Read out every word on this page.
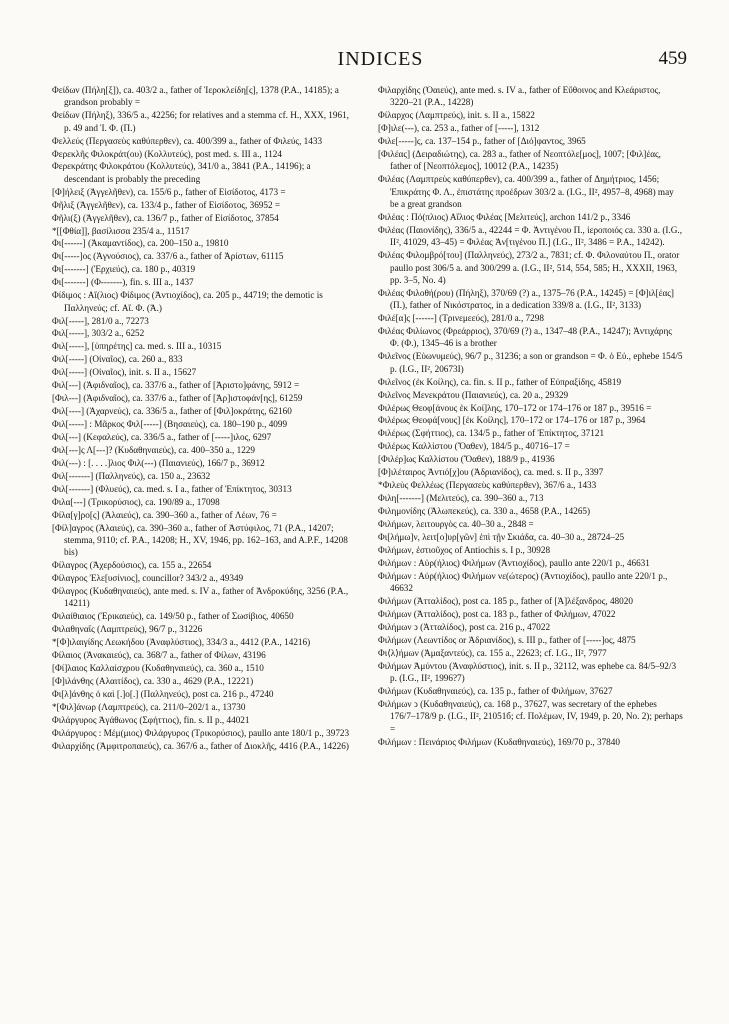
INDICES	459

Φείδων (Πήλη[ξ]), ca. 403/2 a., father of Ἱεροκλείδη[ς], 1378 (P.A., 14185); a grandson probably =

Φείδων (Πήληξ), 336/5 a., 42256; for relatives and a stemma cf. H., XXX, 1961, p. 49 and Ἱ. Φ. (Π.)

Φελλεύς (Περγασεὺς καθύπερθεν), ca. 400/399 a., father of Φιλεύς, 1433

Φερεκλῆς Φιλοκράτ(ου) (Κολλυτεύς), post med. s. III a., 1124

Φερεκράτης Φιλοκράτου (Κολλυτεύς), 341/0 a., 3841 (P.A., 14196); a descendant is probably the preceding

[Φ]ήλειξ (Ἀγγελῆθεν), ca. 155/6 p., father of Εἰσίδοτος, 4173 =

Φῆλιξ (Ἀγγελῆθεν), ca. 133/4 p., father of Εἰσίδοτος, 36952 =

Φῆλι(ξ) (Ἀγγελῆθεν), ca. 136/7 p., father of Εἰσίδοτος, 37854

*[[Φθία]], βασίλισσα 235/4 a., 11517

Φι[------] (Ἀκαμαντίδος), ca. 200–150 a., 19810

Φι[-----]ος (Ἀγνούσιος), ca. 337/6 a., father of Ἀρίστων, 61115

Φι[-------] (Ἐρχιεύς), ca. 180 p., 40319

Φι[-------] (Φ-------), fin. s. III a., 1437

Φίδιμος : Αἴ(λιος) Φίδιμος (Ἀντιοχίδος), ca. 205 p., 44719; the demotic is Παλληνεύς; cf. Αἴ. Φ. (Ἀ.)

Φιλ[-----], 281/0 a., 72273

Φιλ[-----], 303/2 a., 6252

Φιλ[-----], [ὑπηρέτης] ca. med. s. III a., 10315

Φιλ[-----] (Οἰναῖος), ca. 260 a., 833

Φιλ[-----] (Οἰναῖος), init. s. II a., 15627

Φιλ[---] (Ἀφιδναῖος), ca. 337/6 a., father of [Ἀριστο]φάνης, 5912 =

[Φιλ---] (Ἀφιδναῖος), ca. 337/6 a., father of [Ἀρ]ιστοφάν[ης], 61259

Φιλ[----] (Ἀχαρνεύς), ca. 336/5 a., father of [Φιλ]οκράτης, 62160

Φιλ[-----] : Μᾶρκος Φιλ[-----] (Βησαιεύς), ca. 180–190 p., 4099

Φιλ[---] (Κεφαλεύς), ca. 336/5 a., father of [-----]ιλος, 6297

Φιλ[---]ς Λ[---]? (Κυδαθηναιεύς), ca. 400–350 a., 1229

Φιλ(---) : [. . . .]λιος Φιλ(---) (Παιανιεύς), 166/7 p., 36912

Φιλ[-------] (Παλληνεύς), ca. 150 a., 23632

Φιλ[-------] (Φλυεύς), ca. med. s. I a., father of Ἐπίκτητος, 30313

Φιλα[---] (Τρικορύσιος), ca. 190/89 a., 17098

Φίλα[γ]ρο[ς] (Ἁλαιεύς), ca. 390–360 a., father of Λέων, 76 =

[Φίλ]αγρος (Ἁλαιεύς), ca. 390–360 a., father of Ἀστύφιλος, 71 (P.A., 14207; stemma, 9110; cf. P.A., 14208; H., XV, 1946, pp. 162–163, and A.P.F., 14208 bis)

Φίλαγρος (Ἀχερδούσιος), ca. 155 a., 22654

Φίλαγρος Ἐλε[υσίνιος], councillor? 343/2 a., 49349

Φίλαγρος (Κυδαθηναιεύς), ante med. s. IV a., father of Ἀνδροκύδης, 3256 (P.A., 14211)

Φιλαίθιαιος (Ἐρικαιεύς), ca. 149/50 p., father of Σωσίβιος, 40650

Φιλαθηναΐς (Λαμπτρεύς), 96/7 p., 31226

*[Φ]ιλαιγίδης Λεωκήδου (Ἀναφλύστιος), 334/3 a., 4412 (P.A., 14216)

Φίλαιος (Ἀνακαιεύς), ca. 368/7 a., father of Φίλων, 43196

[Φί]λαιος Καλλαίσχρου (Κυδαθηναιεύς), ca. 360 a., 1510

[Φ]ιλάνθης (Αλαιτίδος), ca. 330 a., 4629 (P.A., 12221)

Φι[λ]άνθης ὁ καὶ [.]ο[.] (Παλληνεύς), post ca. 216 p., 47240

*[Φιλ]άνωρ (Λαμπτρεύς), ca. 211/0–202/1 a., 13730

Φιλάργυρος Ἀγάθωνος (Σφήττιος), fin. s. II p., 44021

Φιλάργυρος : Μέμ(μιος) Φιλάργυρος (Τρικορύσιος), paullo ante 180/1 p., 39723

Φιλαρχίδης (Ἀμφιτροπαιεύς), ca. 367/6 a., father of Διοκλῆς, 4416 (P.A., 14226)

Φιλαρχίδης (Ὀαιεύς), ante med. s. IV a., father of Εὔθοινος and Κλεάριστος, 3220–21 (P.A., 14228)

Φίλαρχος (Λαμπτρεύς), init. s. II a., 15822

[Φ]ιλε(---), ca. 253 a., father of [-----], 1312

Φιλε[-----]ς, ca. 137–154 p., father of [Διό]φαντος, 3965

[Φιλέας] (Δειραδιώτης), ca. 283 a., father of Νεοπτόλε[μος], 1007; [Φιλ]έας, father of [Νεοπτόλεμος], 10012 (P.A., 14235)

Φιλέας (Λαμπτρεὺς καθύπερθεν), ca. 400/399 a., father of Δημήτριος, 1456; Ἐπικράτης Φ. Λ., ἐπιστάτης προέδρων 303/2 a. (I.G., II², 4957–8, 4968) may be a great grandson

Φιλέας : Πό(πλιος) Αἴλιος Φιλέας [Μελιτεύς], archon 141/2 p., 3346

Φιλέας (Παιονίδης), 336/5 a., 42244 = Φ. Ἀντιγένου Π., ἱεροποιός ca. 330 a. (I.G., II², 41029, 43–45) = Φιλέας Ἀν[τιγένου Π.] (I.G., II², 3486 = P.A., 14242).

Φιλέας Φιλομβρό[του] (Παλληνεύς), 273/2 a., 7831; cf. Φ. Φιλοναύτου Π., orator paullo post 306/5 a. and 300/299 a. (I.G., II², 514, 554, 585; H., XXXII, 1963, pp. 3–5, No. 4)

Φιλέας Φιλοθή(ρου) (Πήληξ), 370/69 (?) a., 1375–76 (P.A., 14245) = [Φ]ιλ[έας] (Π.), father of Νικόστρατος, in a dedication 339/8 a. (I.G., II², 3133)

Φιλέ[α]ς [------] (Τρινεμεεύς), 281/0 a., 7298

Φιλέας Φιλίωνος (Φρεάρριος), 370/69 (?) a., 1347–48 (P.A., 14247); Ἀντιχάρης Φ. (Φ.), 1345–46 is a brother

Φιλεῖνος (Εὐωνυμεύς), 96/7 p., 31236; a son or grandson = Φ. ὁ Εὐ., ephebe 154/5 p. (I.G., II², 20673I)

Φιλεῖνος (ἐκ Κοίλης), ca. fin. s. II p., father of Εὐπραξίδης, 45819

Φιλεῖνος Μενεκράτου (Παιανιεύς), ca. 20 a., 29329

Φιλέρως Θεοφ[άνους ἐκ Κοί]λης, 170–172 or 174–176 or 187 p., 39516 =

Φιλέρως Θεοφά[νους] [ἐκ Κοίλης], 170–172 or 174–176 or 187 p., 3964

Φιλέρως (Σφήττιος), ca. 134/5 p., father of Ἐπίκτητος, 37121

Φιλέρως Καλλίστου (Ὄαθεν), 184/5 p., 40716–17 =

[Φιλέρ]ως Καλλίστου (Ὄαθεν), 188/9 p., 41936

[Φ]ιλέταιρος Ἀντιό[χ]ου (Ἀδριανίδος), ca. med. s. II p., 3397

*Φιλεὺς Φελλέως (Περγασεὺς καθύπερθεν), 367/6 a., 1433

Φιλη[-------] (Μελιτεύς), ca. 390–360 a., 713

Φιλημονίδης (Ἀλωπεκεύς), ca. 330 a., 4658 (P.A., 14265)

Φιλήμων, λειτουργὸς ca. 40–30 a., 2848 =

Φι[λήμω]ν, λειτ[ο]υρ[γῶν] ἐπὶ τῇν Σκιάδα, ca. 40–30 a., 28724–25

Φιλήμων, ἐστιοῦχος of Antiochis s. I p., 30928

Φιλήμων : Αὐρ(ήλιος) Φιλήμων (Ἀντιοχίδος), paullo ante 220/1 p., 46631

Φιλήμων : Αὐρ(ήλιος) Φιλήμων νε(ώτερος) (Ἀντιοχίδος), paullo ante 220/1 p., 46632

Φιλήμων (Ἀτταλίδος), post ca. 185 p., father of [Ἀ]λέξανδρος, 48020

Φιλήμων (Ἀτταλίδος), post ca. 183 p., father of Φιλήμων, 47022

Φιλήμων ↄ (Ἀτταλίδος), post ca. 216 p., 47022

Φιλήμων (Λεωντίδος or Ἀδριανίδος), s. III p., father of [-----]ος, 4875

Φι⟨λ⟩ήμων (Ἀμαξαντεύς), ca. 155 a., 22623; cf. I.G., II², 7977

Φιλήμων Ἀμύντου (Ἀναφλύστιος), init. s. II p., 32112, was ephebe ca. 84/5–92/3 p. (I.G., II², 1996?7)

Φιλήμων (Κυδαθηναιεύς), ca. 135 p., father of Φιλήμων, 37627

Φιλήμων ↄ (Κυδαθηναιεύς), ca. 168 p., 37627, was secretary of the ephebes 176/7–178/9 p. (I.G., II², 21051б; cf. Πολέμων, IV, 1949, p. 20, No. 2); perhaps =

Φιλήμων : Πεινάριος Φιλήμων (Κυδαθηναιεύς), 169/70 p., 37840
